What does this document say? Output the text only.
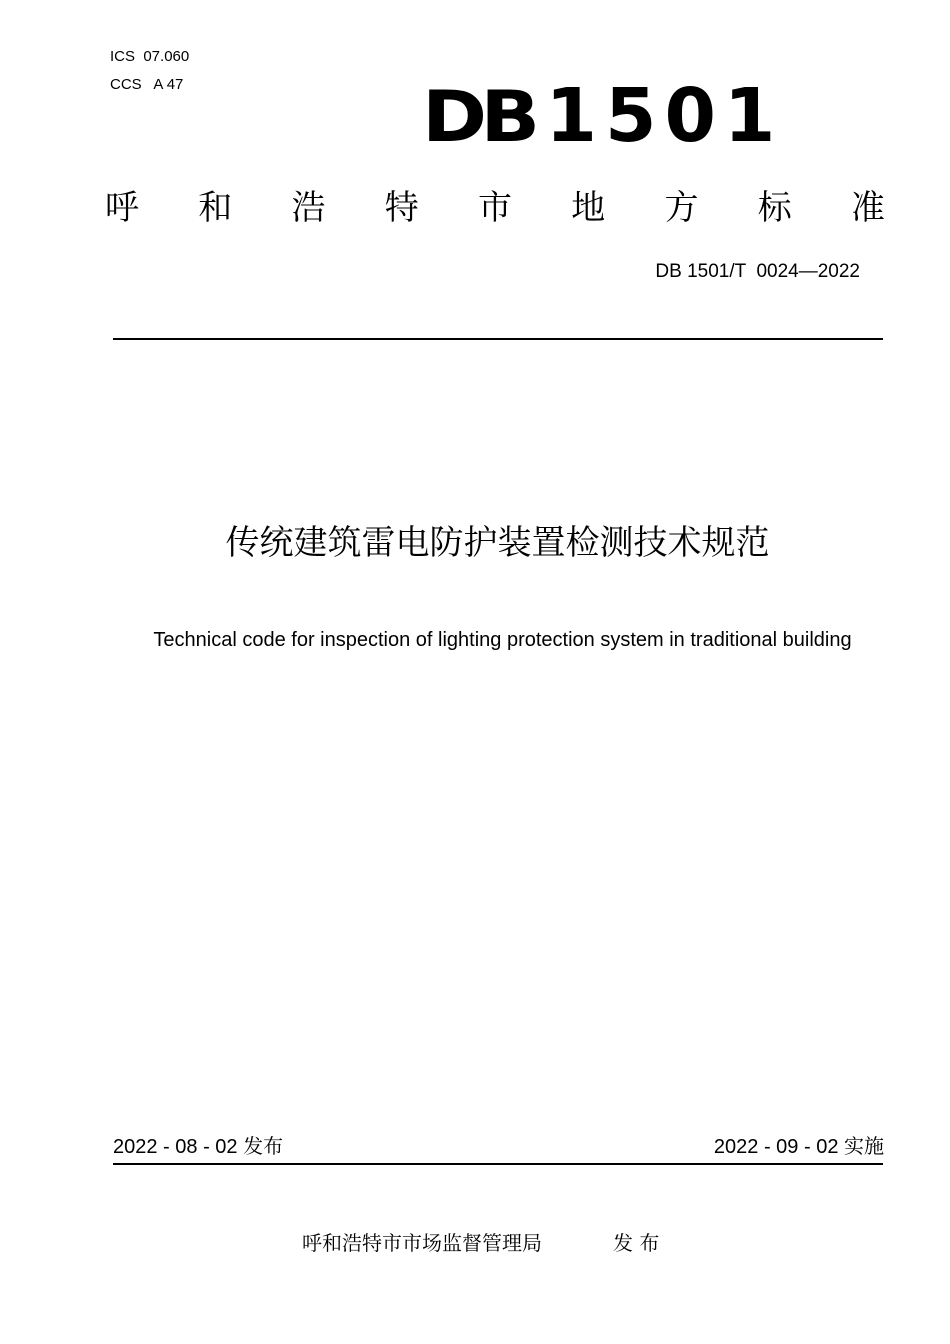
ICS  07.060
CCS   A 47	DB 1501
呼 和 浩 特 市 地 方 标 准
DB 1501/T  0024—2022
传统建筑雷电防护装置检测技术规范
Technical code for inspection of lighting protection system in traditional building
2022 - 08 - 02 发布	2022 - 09 - 02 实施
呼和浩特市市场监督管理局	发 布
